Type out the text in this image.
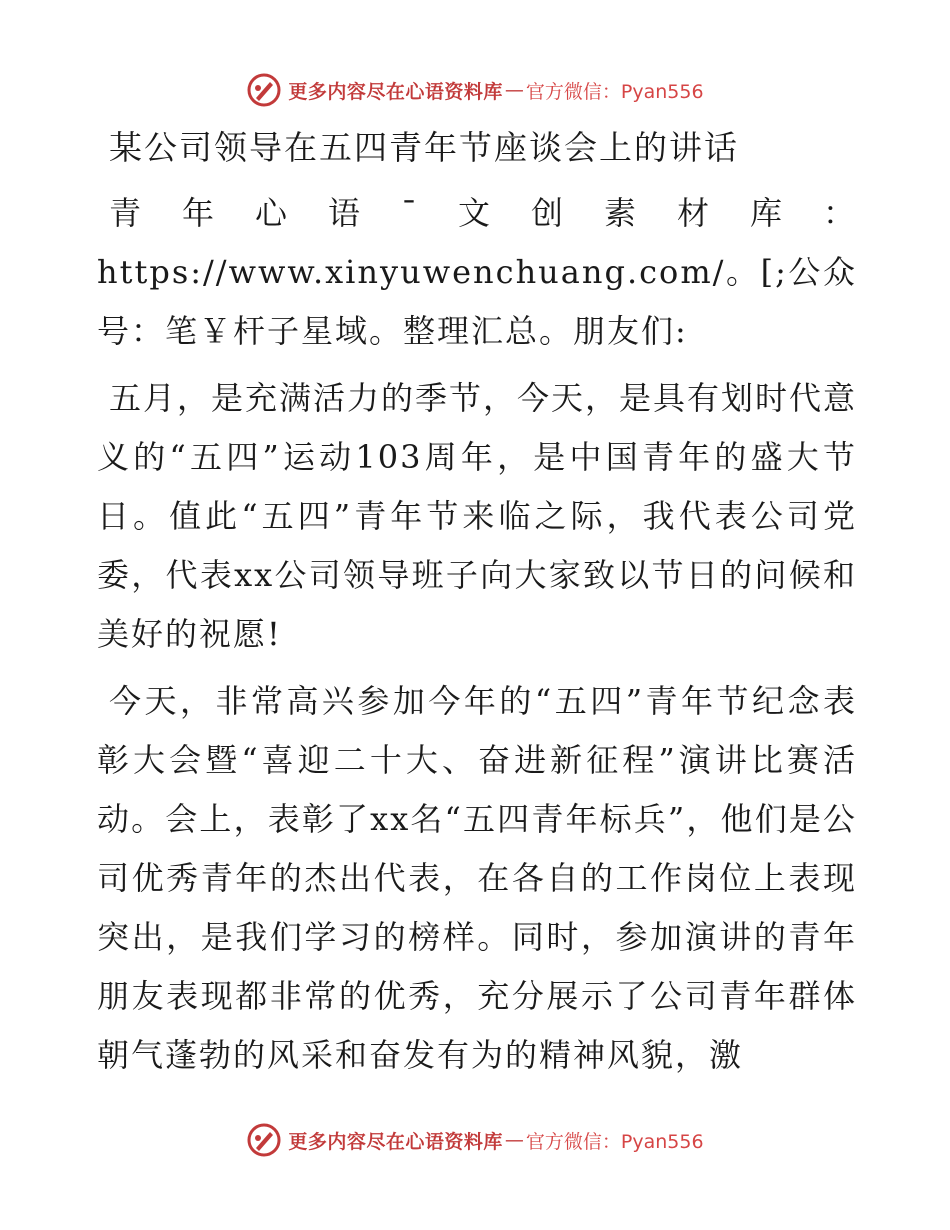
更多内容尽在心语资料库 — 官方微信：Pyan556
某公司领导在五四青年节座谈会上的讲话

青年心语¯文创素材库：https://www.xinyuwenchuang.com/。[;公众号：笔￥杆子星域。整理汇总。朋友们:

五月，是充满活力的季节，今天，是具有划时代意义的“五四”运动103周年，是中国青年的盛大节日。值此“五四”青年节来临之际，我代表公司党委，代表xx公司领导班子向大家致以节日的问候和美好的祝愿!

今天，非常高兴参加今年的“五四”青年节纪念表彰大会暨“喜迎二十大、奋进新征程”演讲比赛活动。会上，表彰了xx名“五四青年标兵”，他们是公司优秀青年的杰出代表，在各自的工作岗位上表现突出，是我们学习的榜样。同时，参加演讲的青年朋友表现都非常的优秀，充分展示了公司青年群体朝气蓬勃的风采和奋发有为的精神风貌，激

更多内容尽在心语资料库 — 官方微信：Pyan556
